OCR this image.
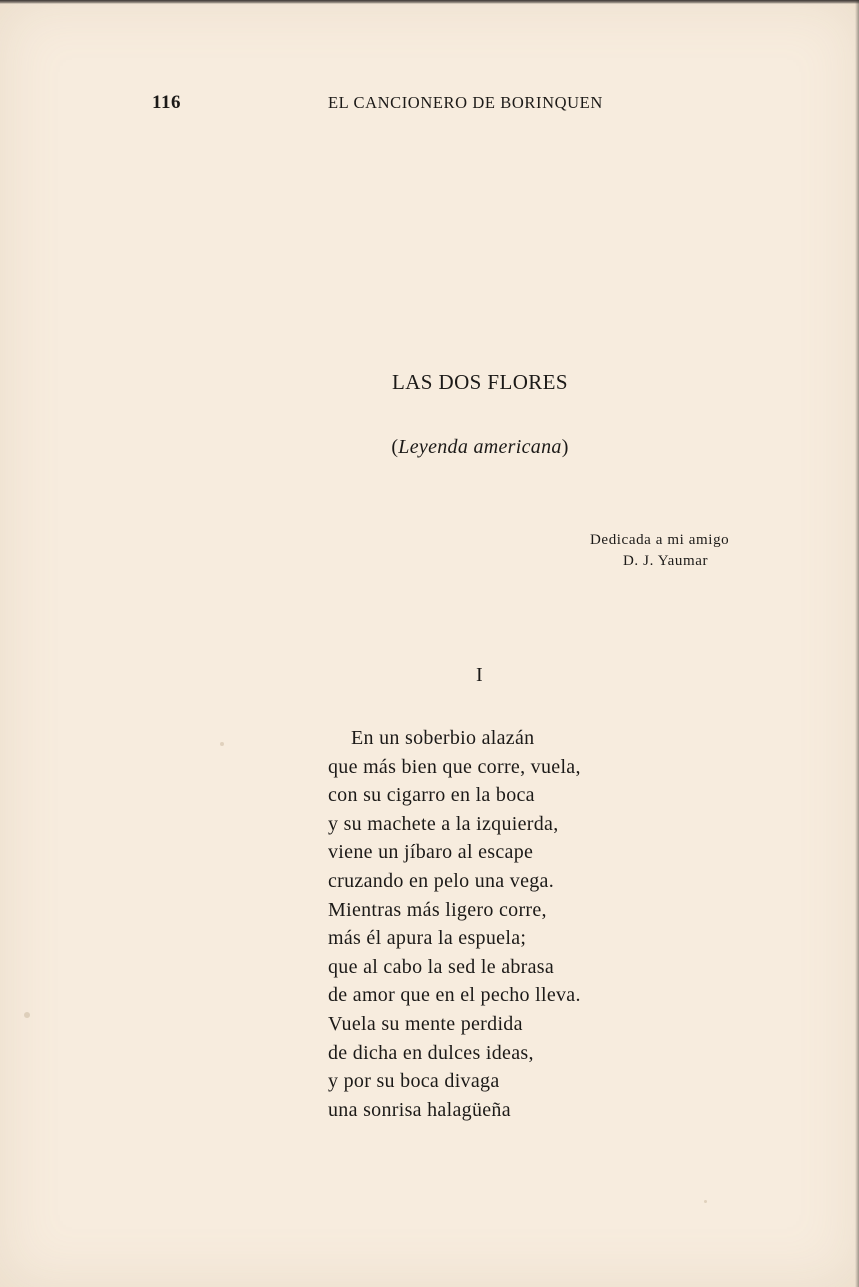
116	EL CANCIONERO DE BORINQUEN
LAS DOS FLORES
(Leyenda americana)
Dedicada a mi amigo
D. J. Yaumar
I
En un soberbio alazán
que más bien que corre, vuela,
con su cigarro en la boca
y su machete a la izquierda,
viene un jíbaro al escape
cruzando en pelo una vega.
Mientras más ligero corre,
más él apura la espuela;
que al cabo la sed le abrasa
de amor que en el pecho lleva.
Vuela su mente perdida
de dicha en dulces ideas,
y por su boca divaga
una sonrisa halagüeña
